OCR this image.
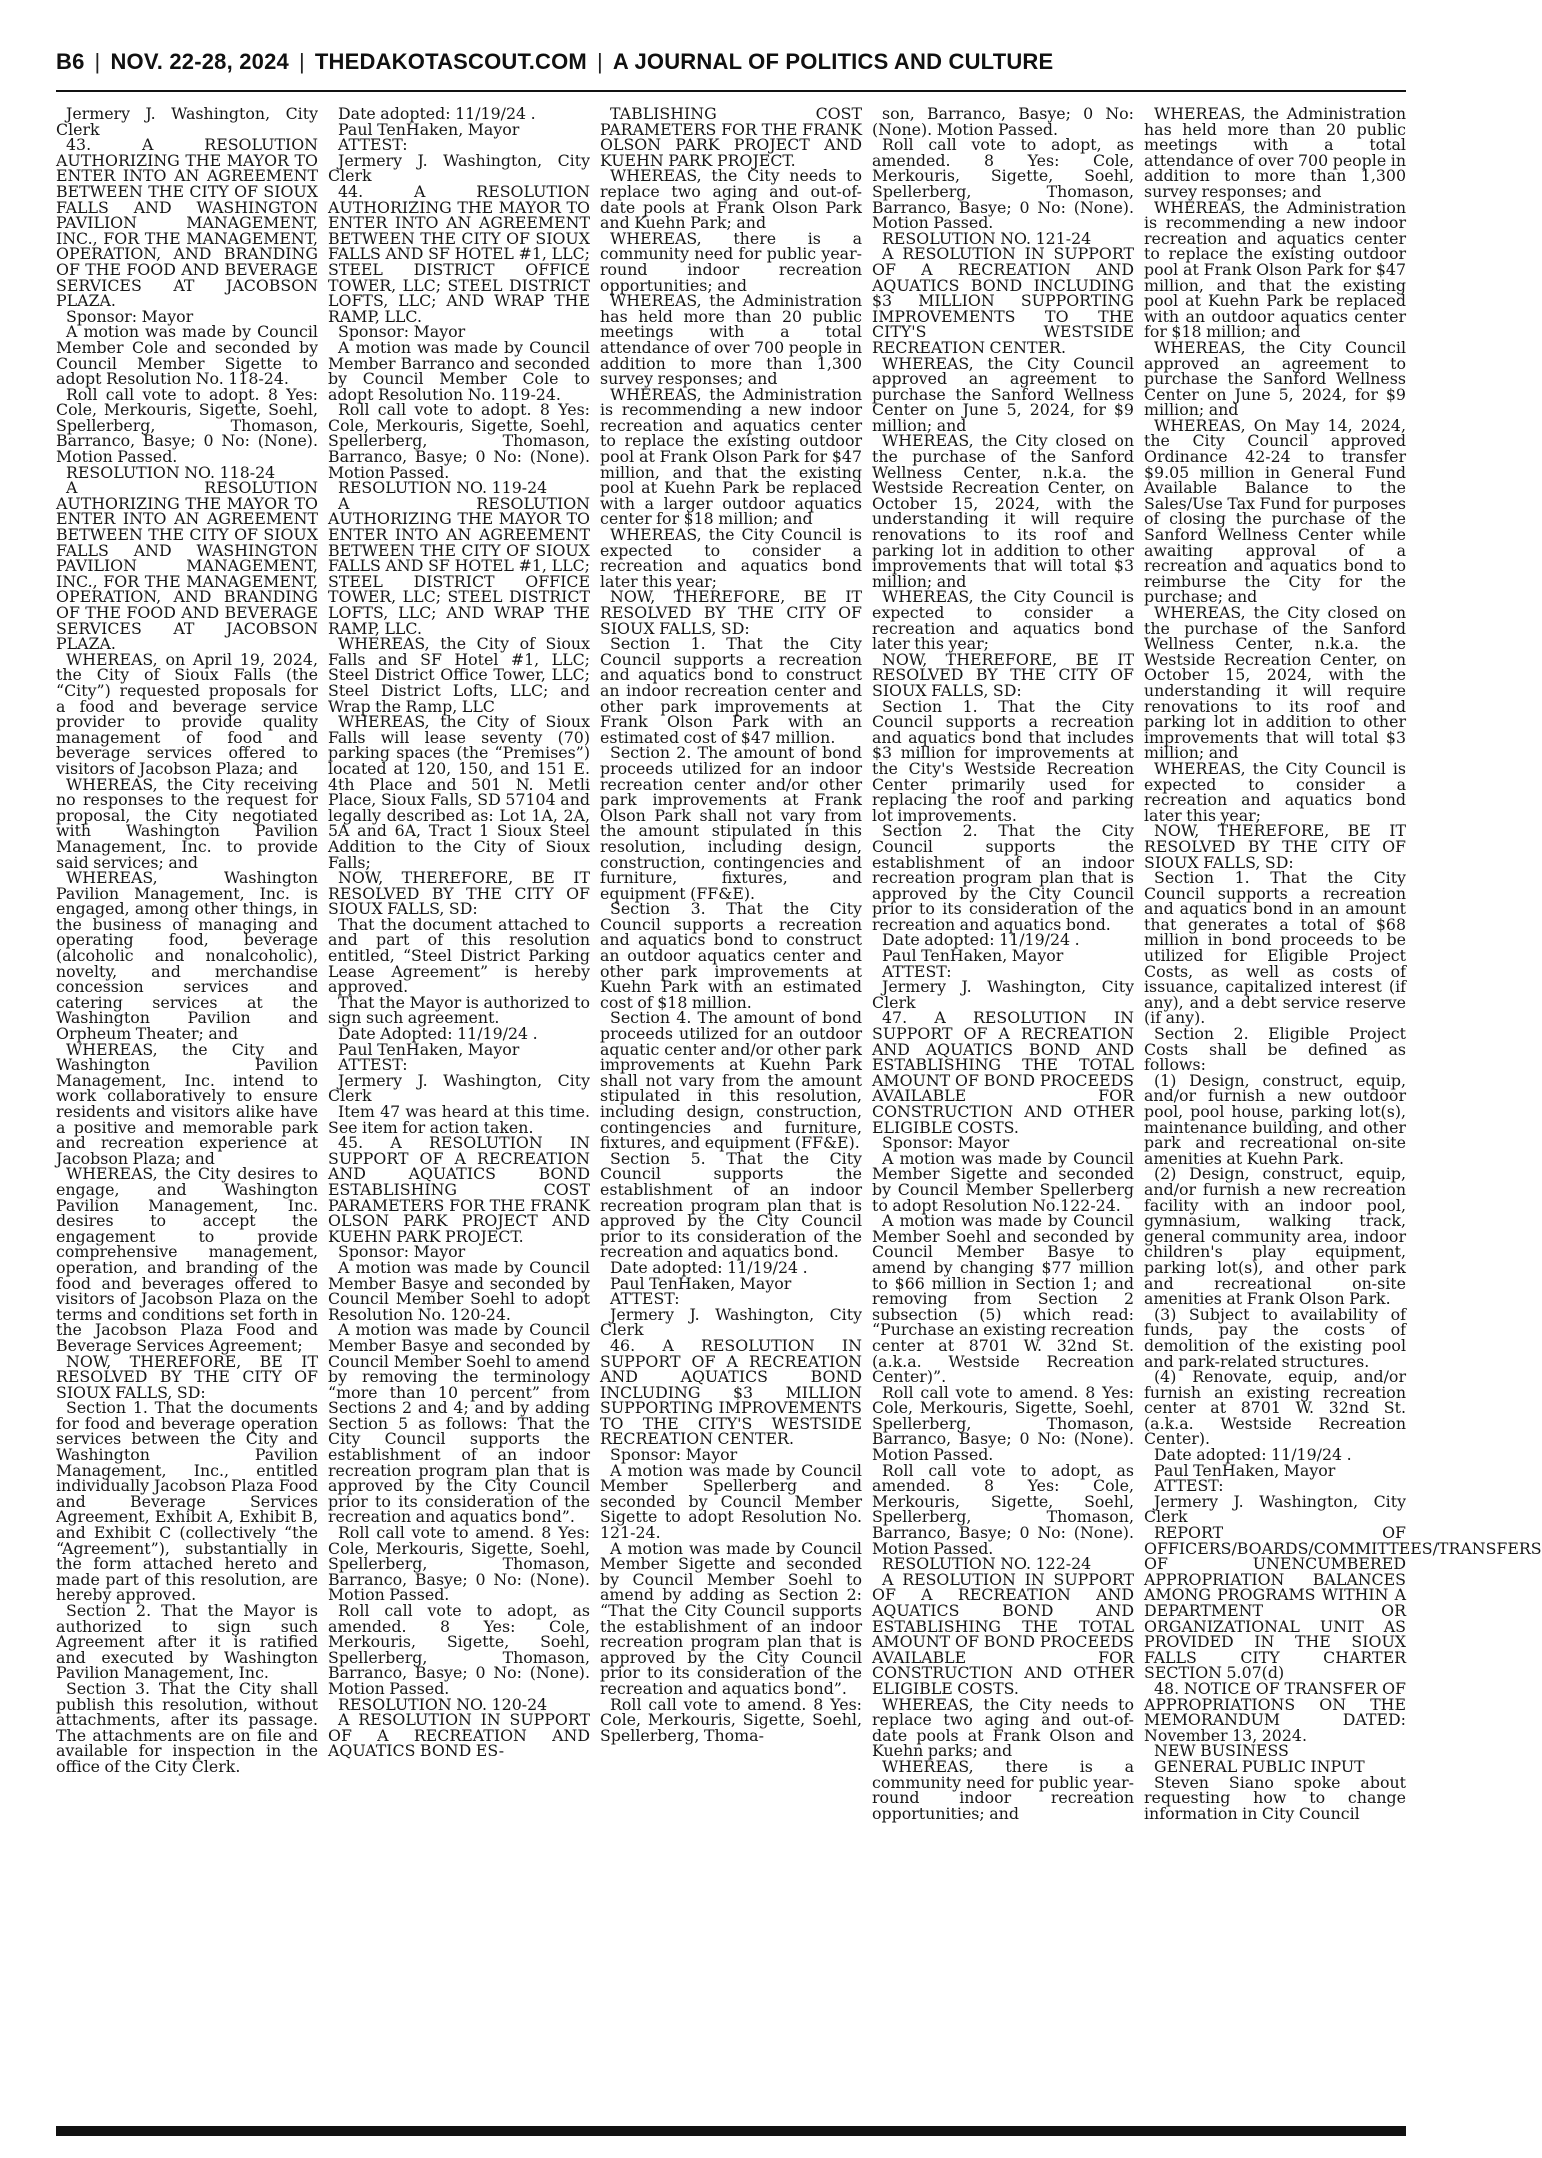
B6 | NOV. 22-28, 2024 | THEDAKOTASCOUT.COM | A JOURNAL OF POLITICS AND CULTURE

Jermery J. Washington, City Clerk

43. A RESOLUTION AUTHORIZING THE MAYOR TO ENTER INTO AN AGREEMENT BETWEEN THE CITY OF SIOUX FALLS AND WASHINGTON PAVILION MANAGEMENT, INC., FOR THE MANAGEMENT, OPERATION, AND BRANDING OF THE FOOD AND BEVERAGE SERVICES AT JACOBSON PLAZA.

Sponsor: Mayor

A motion was made by Council Member Cole and seconded by Council Member Sigette to adopt Resolution No. 118-24.

Roll call vote to adopt. 8 Yes: Cole, Merkouris, Sigette, Soehl, Spellerberg, Thomason, Barranco, Basye; 0 No: (None). Motion Passed.

RESOLUTION NO. 118-24

A RESOLUTION AUTHORIZING THE MAYOR TO ENTER INTO AN AGREEMENT BETWEEN THE CITY OF SIOUX FALLS AND WASHINGTON PAVILION MANAGEMENT, INC., FOR THE MANAGEMENT, OPERATION, AND BRANDING OF THE FOOD AND BEVERAGE SERVICES AT JACOBSON PLAZA.

WHEREAS, on April 19, 2024, the City of Sioux Falls (the “City”) requested proposals for a food and beverage service provider to provide quality management of food and beverage services offered to visitors of Jacobson Plaza; and

WHEREAS, the City receiving no responses to the request for proposal, the City negotiated with Washington Pavilion Management, Inc. to provide said services; and

WHEREAS, Washington Pavilion Management, Inc. is engaged, among other things, in the business of managing and operating food, beverage (alcoholic and nonalcoholic), novelty, and merchandise concession services and catering services at the Washington Pavilion and Orpheum Theater; and

WHEREAS, the City and Washington Pavilion Management, Inc. intend to work collaboratively to ensure residents and visitors alike have a positive and memorable park and recreation experience at Jacobson Plaza; and

WHEREAS, the City desires to engage, and Washington Pavilion Management, Inc. desires to accept the engagement to provide comprehensive management, operation, and branding of the food and beverages offered to visitors of Jacobson Plaza on the terms and conditions set forth in the Jacobson Plaza Food and Beverage Services Agreement;

NOW, THEREFORE, BE IT RESOLVED BY THE CITY OF SIOUX FALLS, SD:

Section 1. That the documents for food and beverage operation services between the City and Washington Pavilion Management, Inc., entitled individually Jacobson Plaza Food and Beverage Services Agreement, Exhibit A, Exhibit B, and Exhibit C (collectively “the “Agreement”), substantially in the form attached hereto and made part of this resolution, are hereby approved.

Section 2. That the Mayor is authorized to sign such Agreement after it is ratified and executed by Washington Pavilion Management, Inc.

Section 3. That the City shall publish this resolution, without attachments, after its passage. The attachments are on file and available for inspection in the office of the City Clerk.

Date adopted: 11/19/24 .

Paul TenHaken, Mayor

ATTEST:

Jermery J. Washington, City Clerk

44. A RESOLUTION AUTHORIZING THE MAYOR TO ENTER INTO AN AGREEMENT BETWEEN THE CITY OF SIOUX FALLS AND SF HOTEL #1, LLC; STEEL DISTRICT OFFICE TOWER, LLC; STEEL DISTRICT LOFTS, LLC; AND WRAP THE RAMP, LLC.

Sponsor: Mayor

A motion was made by Council Member Barranco and seconded by Council Member Cole to adopt Resolution No. 119-24.

Roll call vote to adopt. 8 Yes: Cole, Merkouris, Sigette, Soehl, Spellerberg, Thomason, Barranco, Basye; 0 No: (None). Motion Passed.

RESOLUTION NO. 119-24

A RESOLUTION AUTHORIZING THE MAYOR TO ENTER INTO AN AGREEMENT BETWEEN THE CITY OF SIOUX FALLS AND SF HOTEL #1, LLC; STEEL DISTRICT OFFICE TOWER, LLC; STEEL DISTRICT LOFTS, LLC; AND WRAP THE RAMP, LLC.

WHEREAS, the City of Sioux Falls and SF Hotel #1, LLC; Steel District Office Tower, LLC; Steel District Lofts, LLC; and Wrap the Ramp, LLC

WHEREAS, the City of Sioux Falls will lease seventy (70) parking spaces (the “Premises”) located at 120, 150, and 151 E. 4th Place and 501 N. Metli Place, Sioux Falls, SD 57104 and legally described as: Lot 1A, 2A, 5A and 6A, Tract 1 Sioux Steel Addition to the City of Sioux Falls;

NOW, THEREFORE, BE IT RESOLVED BY THE CITY OF SIOUX FALLS, SD:

That the document attached to and part of this resolution entitled, “Steel District Parking Lease Agreement” is hereby approved.

That the Mayor is authorized to sign such agreement.

Date Adopted: 11/19/24 .

Paul TenHaken, Mayor

ATTEST:

Jermery J. Washington, City Clerk

Item 47 was heard at this time. See item for action taken.

45. A RESOLUTION IN SUPPORT OF A RECREATION AND AQUATICS BOND ESTABLISHING COST PARAMETERS FOR THE FRANK OLSON PARK PROJECT AND KUEHN PARK PROJECT.

Sponsor: Mayor

A motion was made by Council Member Basye and seconded by Council Member Soehl to adopt Resolution No. 120-24.

A motion was made by Council Member Basye and seconded by Council Member Soehl to amend by removing the terminology “more than 10 percent” from Sections 2 and 4; and by adding Section 5 as follows: That the City Council supports the establishment of an indoor recreation program plan that is approved by the City Council prior to its consideration of the recreation and aquatics bond”.

Roll call vote to amend. 8 Yes: Cole, Merkouris, Sigette, Soehl, Spellerberg, Thomason, Barranco, Basye; 0 No: (None). Motion Passed.

Roll call vote to adopt, as amended. 8 Yes: Cole, Merkouris, Sigette, Soehl, Spellerberg, Thomason, Barranco, Basye; 0 No: (None). Motion Passed.

RESOLUTION NO. 120-24

A RESOLUTION IN SUPPORT OF A RECREATION AND AQUATICS BOND ES-

TABLISHING COST PARAMETERS FOR THE FRANK OLSON PARK PROJECT AND KUEHN PARK PROJECT.

WHEREAS, the City needs to replace two aging and out-of-date pools at Frank Olson Park and Kuehn Park; and

WHEREAS, there is a community need for public year-round indoor recreation opportunities; and

WHEREAS, the Administration has held more than 20 public meetings with a total attendance of over 700 people in addition to more than 1,300 survey responses; and

WHEREAS, the Administration is recommending a new indoor recreation and aquatics center to replace the existing outdoor pool at Frank Olson Park for $47 million, and that the existing pool at Kuehn Park be replaced with a larger outdoor aquatics center for $18 million; and

WHEREAS, the City Council is expected to consider a recreation and aquatics bond later this year;

NOW, THEREFORE, BE IT RESOLVED BY THE CITY OF SIOUX FALLS, SD:

Section 1. That the City Council supports a recreation and aquatics bond to construct an indoor recreation center and other park improvements at Frank Olson Park with an estimated cost of $47 million.

Section 2. The amount of bond proceeds utilized for an indoor recreation center and/or other park improvements at Frank Olson Park shall not vary from the amount stipulated in this resolution, including design, construction, contingencies and furniture, fixtures, and equipment (FF&E).

Section 3. That the City Council supports a recreation and aquatics bond to construct an outdoor aquatics center and other park improvements at Kuehn Park with an estimated cost of $18 million.

Section 4. The amount of bond proceeds utilized for an outdoor aquatic center and/or other park improvements at Kuehn Park shall not vary from the amount stipulated in this resolution, including design, construction, contingencies and furniture, fixtures, and equipment (FF&E).

Section 5. That the City Council supports the establishment of an indoor recreation program plan that is approved by the City Council prior to its consideration of the recreation and aquatics bond.

Date adopted: 11/19/24 .

Paul TenHaken, Mayor

ATTEST:

Jermery J. Washington, City Clerk

46. A RESOLUTION IN SUPPORT OF A RECREATION AND AQUATICS BOND INCLUDING $3 MILLION SUPPORTING IMPROVEMENTS TO THE CITY'S WESTSIDE RECREATION CENTER.

Sponsor: Mayor

A motion was made by Council Member Spellerberg and seconded by Council Member Sigette to adopt Resolution No. 121-24.

A motion was made by Council Member Sigette and seconded by Council Member Soehl to amend by adding as Section 2: “That the City Council supports the establishment of an indoor recreation program plan that is approved by the City Council prior to its consideration of the recreation and aquatics bond”.

Roll call vote to amend. 8 Yes: Cole, Merkouris, Sigette, Soehl, Spellerberg, Thoma-

son, Barranco, Basye; 0 No: (None). Motion Passed.

Roll call vote to adopt, as amended. 8 Yes: Cole, Merkouris, Sigette, Soehl, Spellerberg, Thomason, Barranco, Basye; 0 No: (None). Motion Passed.

RESOLUTION NO. 121-24

A RESOLUTION IN SUPPORT OF A RECREATION AND AQUATICS BOND INCLUDING $3 MILLION SUPPORTING IMPROVEMENTS TO THE CITY'S WESTSIDE RECREATION CENTER.

WHEREAS, the City Council approved an agreement to purchase the Sanford Wellness Center on June 5, 2024, for $9 million; and

WHEREAS, the City closed on the purchase of the Sanford Wellness Center, n.k.a. the Westside Recreation Center, on October 15, 2024, with the understanding it will require renovations to its roof and parking lot in addition to other improvements that will total $3 million; and

WHEREAS, the City Council is expected to consider a recreation and aquatics bond later this year;

NOW, THEREFORE, BE IT RESOLVED BY THE CITY OF SIOUX FALLS, SD:

Section 1. That the City Council supports a recreation and aquatics bond that includes $3 million for improvements at the City's Westside Recreation Center primarily used for replacing the roof and parking lot improvements.

Section 2. That the City Council supports the establishment of an indoor recreation program plan that is approved by the City Council prior to its consideration of the recreation and aquatics bond.

Date adopted: 11/19/24 .

Paul TenHaken, Mayor

ATTEST:

Jermery J. Washington, City Clerk

47. A RESOLUTION IN SUPPORT OF A RECREATION AND AQUATICS BOND AND ESTABLISHING THE TOTAL AMOUNT OF BOND PROCEEDS AVAILABLE FOR CONSTRUCTION AND OTHER ELIGIBLE COSTS.

Sponsor: Mayor

A motion was made by Council Member Sigette and seconded by Council Member Spellerberg to adopt Resolution No.122-24.

A motion was made by Council Member Soehl and seconded by Council Member Basye to amend by changing $77 million to $66 million in Section 1; and removing from Section 2 subsection (5) which read: “Purchase an existing recreation center at 8701 W. 32nd St. (a.k.a. Westside Recreation Center)”.

Roll call vote to amend. 8 Yes: Cole, Merkouris, Sigette, Soehl, Spellerberg, Thomason, Barranco, Basye; 0 No: (None). Motion Passed.

Roll call vote to adopt, as amended. 8 Yes: Cole, Merkouris, Sigette, Soehl, Spellerberg, Thomason, Barranco, Basye; 0 No: (None). Motion Passed.

RESOLUTION NO. 122-24

A RESOLUTION IN SUPPORT OF A RECREATION AND AQUATICS BOND AND ESTABLISHING THE TOTAL AMOUNT OF BOND PROCEEDS AVAILABLE FOR CONSTRUCTION AND OTHER ELIGIBLE COSTS.

WHEREAS, the City needs to replace two aging and out-of-date pools at Frank Olson and Kuehn parks; and

WHEREAS, there is a community need for public year-round indoor recreation opportunities; and

WHEREAS, the Administration has held more than 20 public meetings with a total attendance of over 700 people in addition to more than 1,300 survey responses; and

WHEREAS, the Administration is recommending a new indoor recreation and aquatics center to replace the existing outdoor pool at Frank Olson Park for $47 million, and that the existing pool at Kuehn Park be replaced with an outdoor aquatics center for $18 million; and

WHEREAS, the City Council approved an agreement to purchase the Sanford Wellness Center on June 5, 2024, for $9 million; and

WHEREAS, On May 14, 2024, the City Council approved Ordinance 42-24 to transfer $9.05 million in General Fund Available Balance to the Sales/Use Tax Fund for purposes of closing the purchase of the Sanford Wellness Center while awaiting approval of a recreation and aquatics bond to reimburse the City for the purchase; and

WHEREAS, the City closed on the purchase of the Sanford Wellness Center, n.k.a. the Westside Recreation Center, on October 15, 2024, with the understanding it will require renovations to its roof and parking lot in addition to other improvements that will total $3 million; and

WHEREAS, the City Council is expected to consider a recreation and aquatics bond later this year;

NOW, THEREFORE, BE IT RESOLVED BY THE CITY OF SIOUX FALLS, SD:

Section 1. That the City Council supports a recreation and aquatics bond in an amount that generates a total of $68 million in bond proceeds to be utilized for Eligible Project Costs, as well as costs of issuance, capitalized interest (if any), and a debt service reserve (if any).

Section 2. Eligible Project Costs shall be defined as follows:

(1) Design, construct, equip, and/or furnish a new outdoor pool, pool house, parking lot(s), maintenance building, and other park and recreational on-site amenities at Kuehn Park.

(2) Design, construct, equip, and/or furnish a new recreation facility with an indoor pool, gymnasium, walking track, general community area, indoor children's play equipment, parking lot(s), and other park and recreational on-site amenities at Frank Olson Park.

(3) Subject to availability of funds, pay the costs of demolition of the existing pool and park-related structures.

(4) Renovate, equip, and/or furnish an existing recreation center at 8701 W. 32nd St. (a.k.a. Westside Recreation Center).

Date adopted: 11/19/24 .

Paul TenHaken, Mayor

ATTEST:

Jermery J. Washington, City Clerk

REPORT OF OFFICERS/BOARDS/COMMITTEES/TRANSFERS OF UNENCUMBERED APPROPRIATION BALANCES AMONG PROGRAMS WITHIN A DEPARTMENT OR ORGANIZATIONAL UNIT AS PROVIDED IN THE SIOUX FALLS CITY CHARTER SECTION 5.07(d)

48. NOTICE OF TRANSFER OF APPROPRIATIONS ON THE MEMORANDUM DATED: November 13, 2024.

NEW BUSINESS

GENERAL PUBLIC INPUT

Steven Siano spoke about requesting how to change information in City Council
